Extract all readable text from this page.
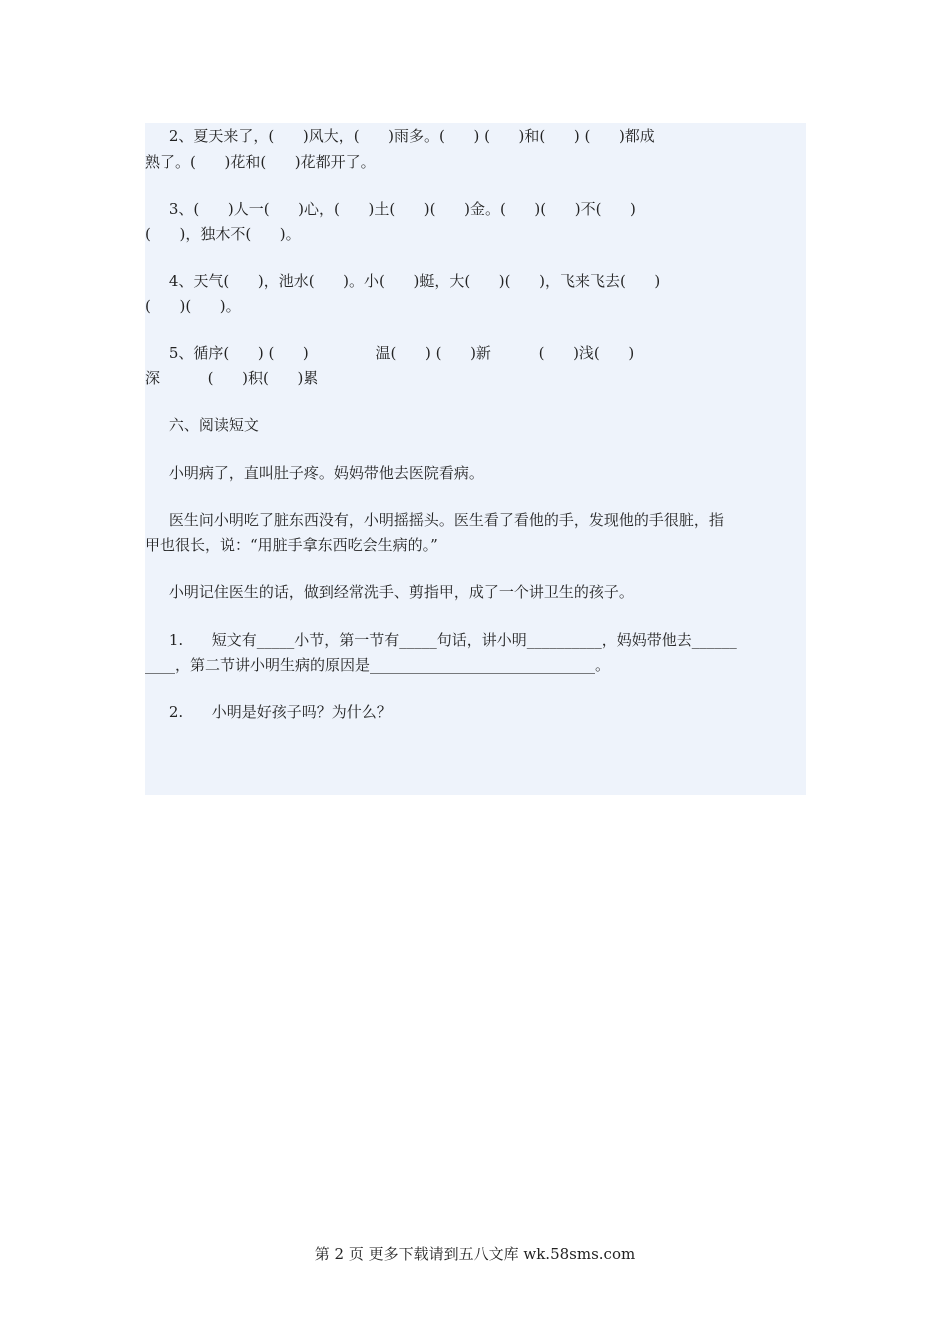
2、夏天来了，(      )风大，(      )雨多。(      ) (      )和(      ) (      )都成
熟了。(      )花和(      )花都开了。
3、(      )人一(      )心，(      )土(      )(      )金。(      )(      )不(      )
(      )，独木不(      )。
4、天气(      )，池水(      )。小(      )蜓，大(      )(      )，飞来飞去(      )
(      )(      )。
5、循序(      ) (      )              温(      ) (      )新          (      )浅(      )
深          (      )积(      )累
六、阅读短文
小明病了，直叫肚子疼。妈妈带他去医院看病。
医生问小明吃了脏东西没有，小明摇摇头。医生看了看他的手，发现他的手很脏，指
甲也很长，说：“用脏手拿东西吃会生病的。”
小明记住医生的话，做到经常洗手、剪指甲，成了一个讲卫生的孩子。
1.      短文有_____小节，第一节有_____句话，讲小明__________，妈妈带他去______
____，第二节讲小明生病的原因是______________________________。
2.      小明是好孩子吗？为什么？
第 2 页 更多下载请到五八文库 wk.58sms.com
